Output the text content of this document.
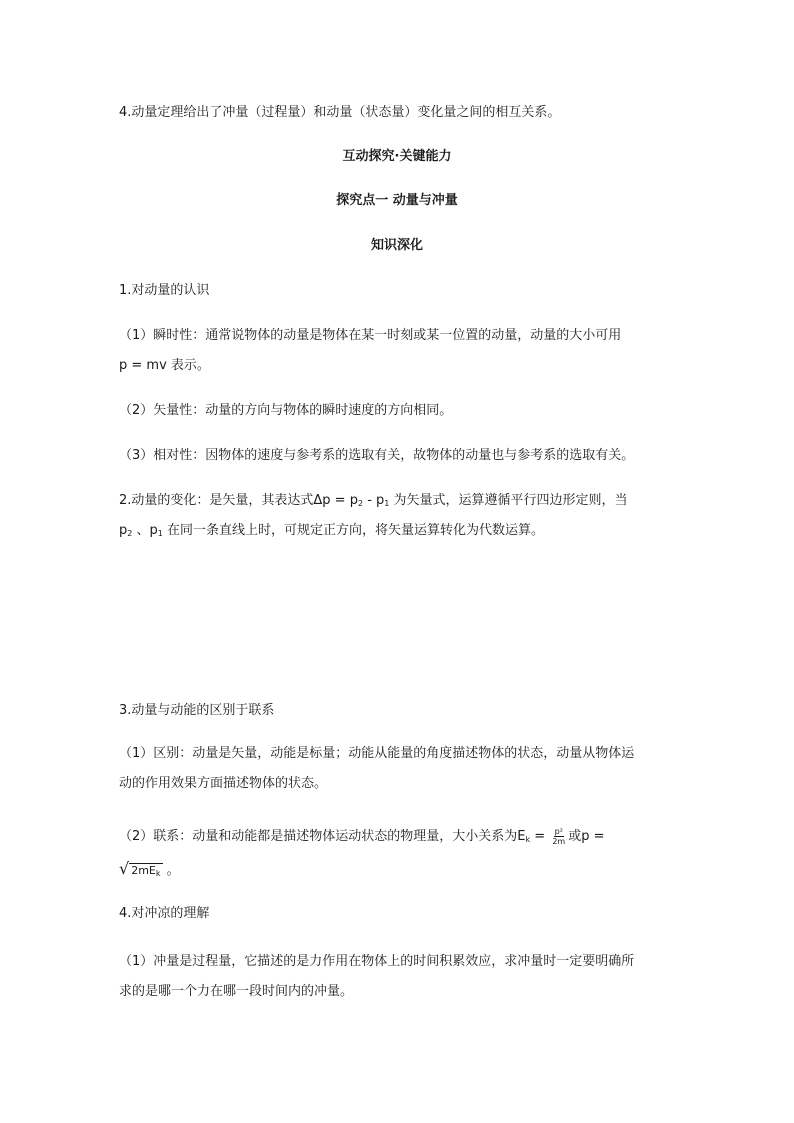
4.动量定理给出了冲量（过程量）和动量（状态量）变化量之间的相互关系。
互动探究·关键能力
探究点一 动量与冲量
知识深化
1.对动量的认识
（1）瞬时性：通常说物体的动量是物体在某一时刻或某一位置的动量，动量的大小可用
p = mv 表示。
（2）矢量性：动量的方向与物体的瞬时速度的方向相同。
（3）相对性：因物体的速度与参考系的选取有关，故物体的动量也与参考系的选取有关。
2.动量的变化：是矢量，其表达式$\Delta p = p_2 - p_1$ 为矢量式，运算遵循平行四边形定则，当
$p_2$ 、$p_1$ 在同一条直线上时，可规定正方向，将矢量运算转化为代数运算。
3.动量与动能的区别于联系
（1）区别：动量是矢量，动能是标量；动能从能量的角度描述物体的状态，动量从物体运
动的作用效果方面描述物体的状态。
（2）联系：动量和动能都是描述物体运动状态的物理量，大小关系为$E_k = \frac{\text{p²}}{2m}$ 或p =
√ $2mE_k$ 。
4.对冲凉的理解
（1）冲量是过程量，它描述的是力作用在物体上的时间积累效应，求冲量时一定要明确所
求的是哪一个力在哪一段时间内的冲量。
